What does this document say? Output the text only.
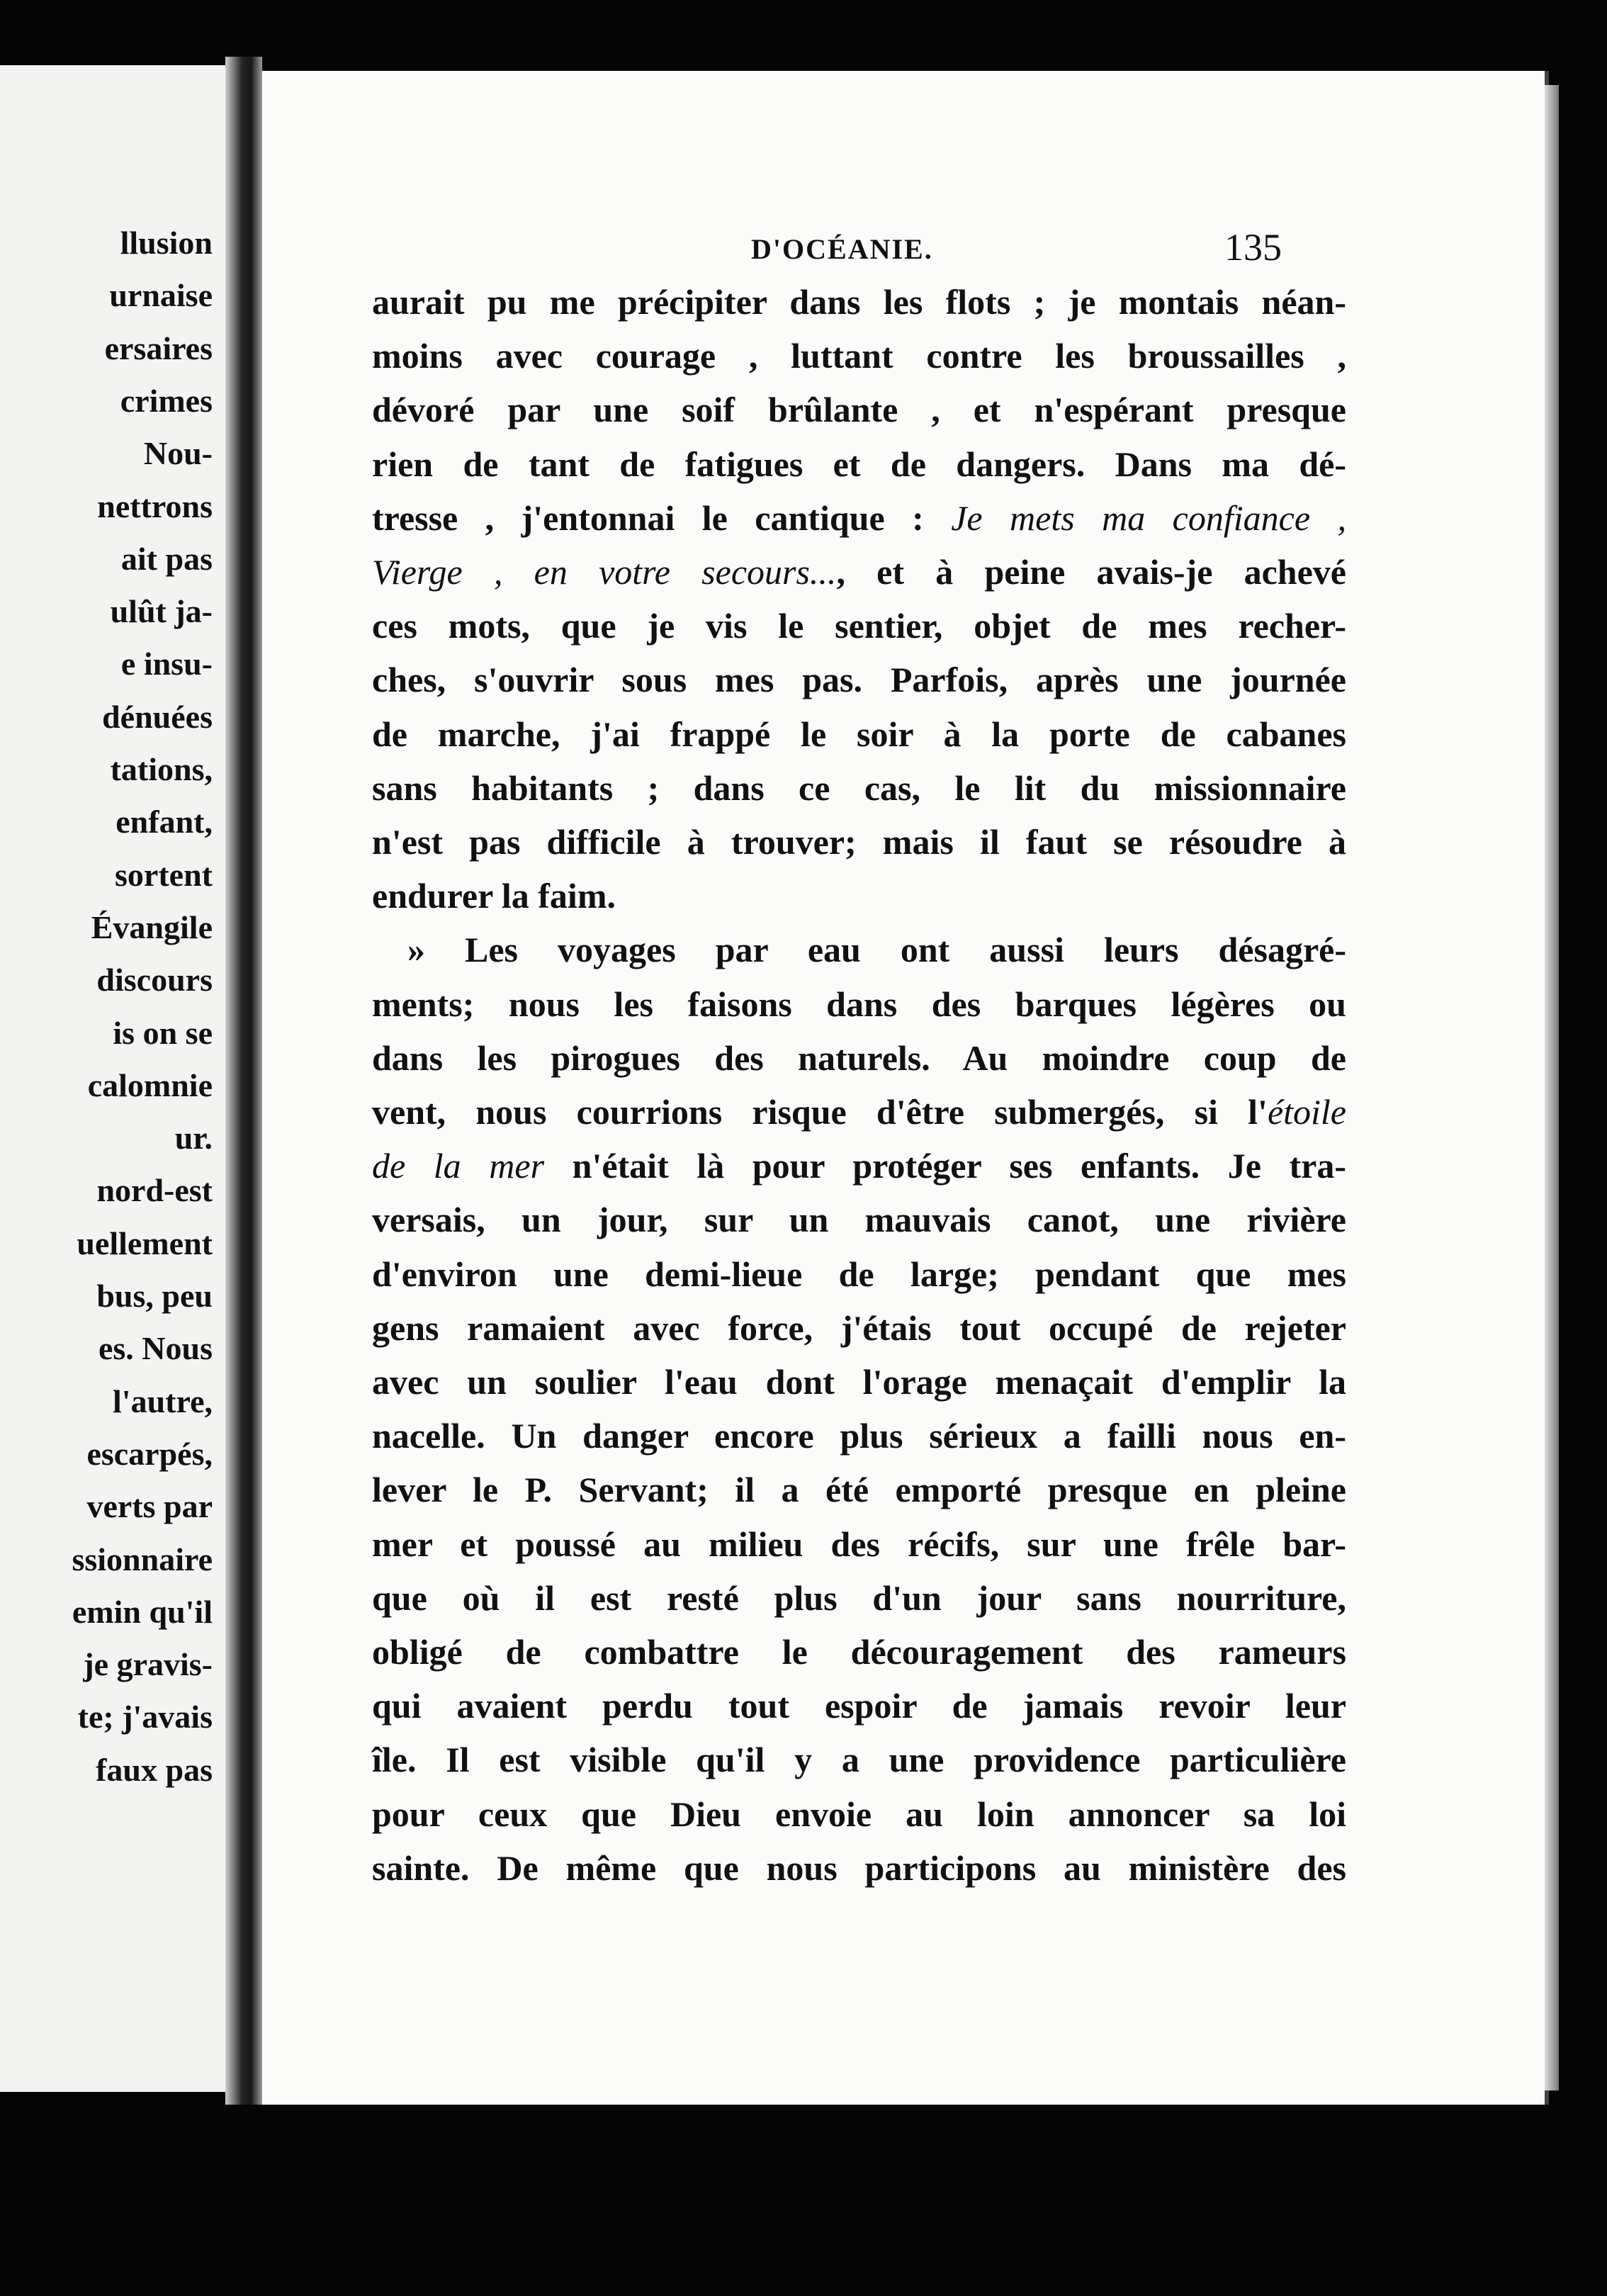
llusion
urnaise
ersaires
crimes
Nou-
nettrons
ait pas
ulût ja-
e insu-
dénuées
tations,
enfant,
sortent
Évangile
discours
is on se
calomnie
ur.
nord-est
uellement
bus, peu
es. Nous
l'autre,
escarpés,
verts par
ssionnaire
emin qu'il
je gravis-
te; j'avais
faux pas
D'OCÉANIE.	135
aurait pu me précipiter dans les flots ; je montais néan-
moins avec courage , luttant contre les broussailles ,
dévoré par une soif brûlante , et n'espérant presque
rien de tant de fatigues et de dangers. Dans ma dé-
tresse , j'entonnai le cantique : Je mets ma confiance ,
Vierge , en votre secours..., et à peine avais-je achevé
ces mots, que je vis le sentier, objet de mes recher-
ches, s'ouvrir sous mes pas. Parfois, après une journée
de marche, j'ai frappé le soir à la porte de cabanes
sans habitants ; dans ce cas, le lit du missionnaire
n'est pas difficile à trouver; mais il faut se résoudre à
endurer la faim.
» Les voyages par eau ont aussi leurs désagré-
ments; nous les faisons dans des barques légères ou
dans les pirogues des naturels. Au moindre coup de
vent, nous courrions risque d'être submergés, si l'étoile
de la mer n'était là pour protéger ses enfants. Je tra-
versais, un jour, sur un mauvais canot, une rivière
d'environ une demi-lieue de large; pendant que mes
gens ramaient avec force, j'étais tout occupé de rejeter
avec un soulier l'eau dont l'orage menaçait d'emplir la
nacelle. Un danger encore plus sérieux a failli nous en-
lever le P. Servant; il a été emporté presque en pleine
mer et poussé au milieu des récifs, sur une frêle bar-
que où il est resté plus d'un jour sans nourriture,
obligé de combattre le découragement des rameurs
qui avaient perdu tout espoir de jamais revoir leur
île. Il est visible qu'il y a une providence particulière
pour ceux que Dieu envoie au loin annoncer sa loi
sainte. De même que nous participons au ministère des
